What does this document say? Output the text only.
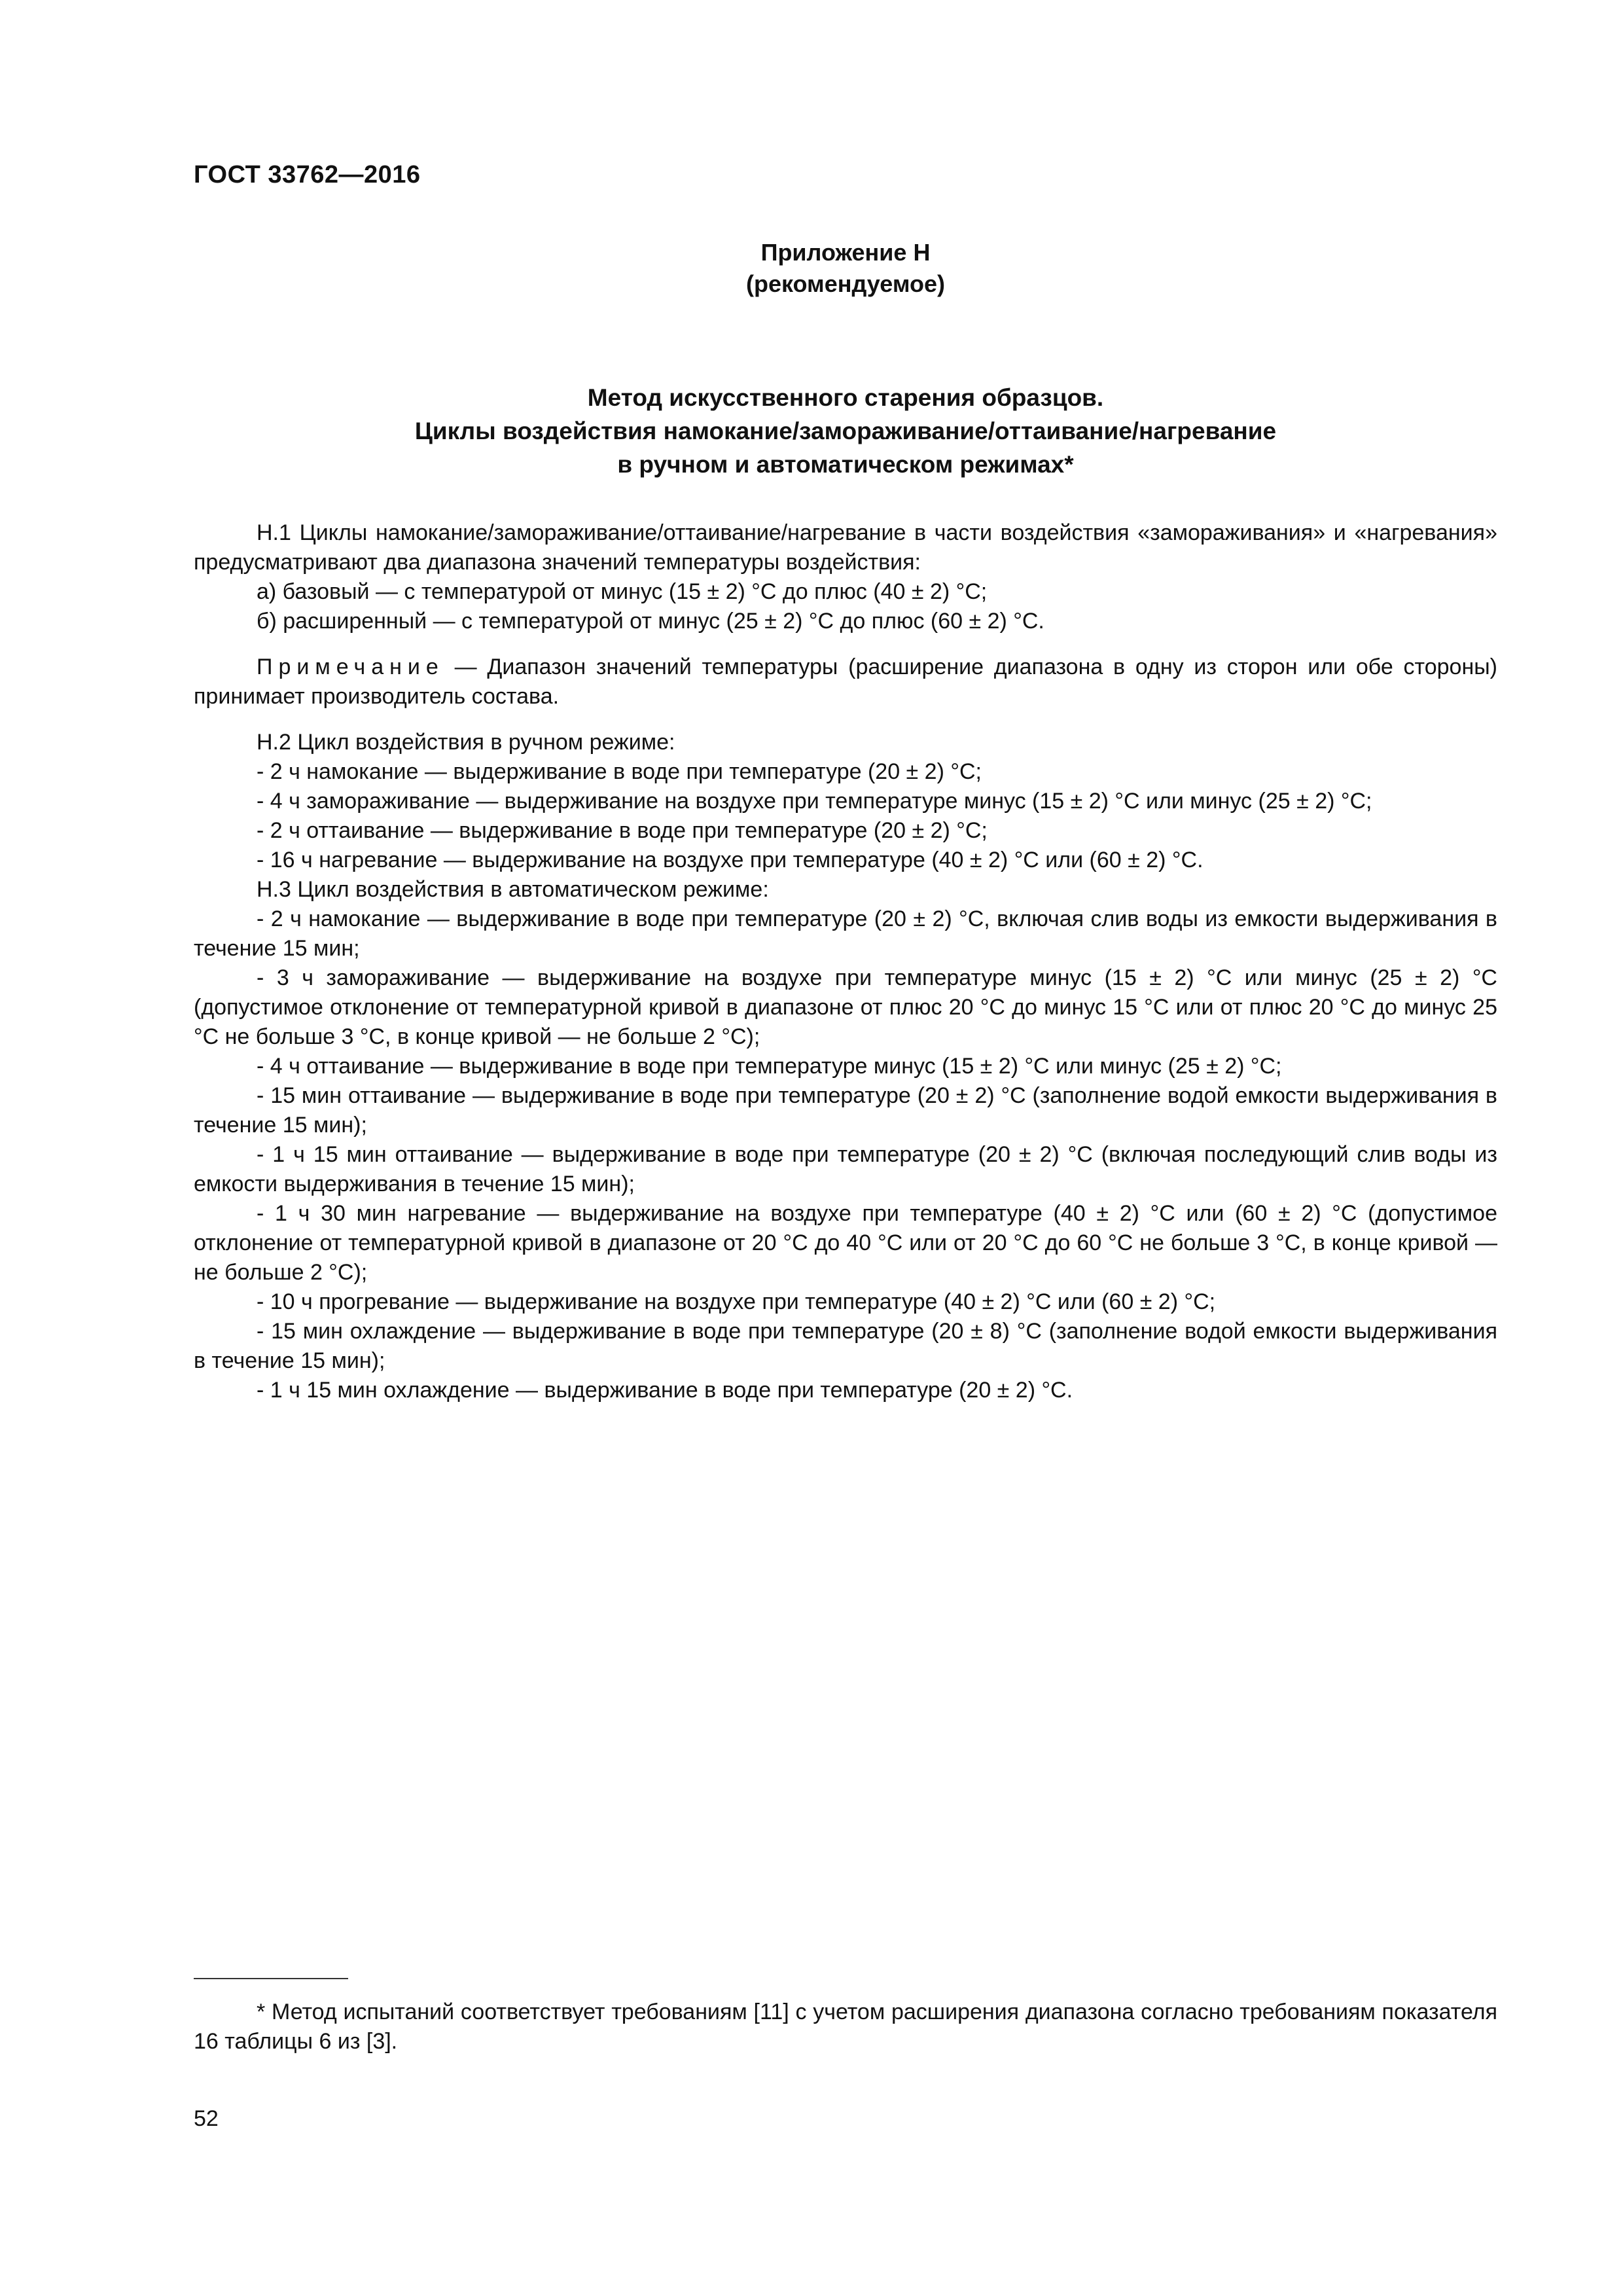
ГОСТ 33762—2016
Приложение Н
(рекомендуемое)
Метод искусственного старения образцов.
Циклы воздействия намокание/замораживание/оттаивание/нагревание
в ручном и автоматическом режимах*

Н.1 Циклы намокание/замораживание/оттаивание/нагревание в части воздействия «замораживания» и «нагревания» предусматривают два диапазона значений температуры воздействия:

а) базовый — с температурой от минус (15 ± 2) °С до плюс (40 ± 2) °С;

б) расширенный — с температурой от минус (25 ± 2) °С до плюс (60 ± 2) °С.

Примечание — Диапазон значений температуры (расширение диапазона в одну из сторон или обе стороны) принимает производитель состава.

Н.2 Цикл воздействия в ручном режиме:

- 2 ч намокание — выдерживание в воде при температуре (20 ± 2) °С;

- 4 ч замораживание — выдерживание на воздухе при температуре минус (15 ± 2) °С или минус (25 ± 2) °С;

- 2 ч оттаивание — выдерживание в воде при температуре (20 ± 2) °С;

- 16 ч нагревание — выдерживание на воздухе при температуре (40 ± 2) °С или (60 ± 2) °С.

Н.3 Цикл воздействия в автоматическом режиме:

- 2 ч намокание — выдерживание в воде при температуре (20 ± 2) °С, включая слив воды из емкости выдерживания в течение 15 мин;

- 3 ч замораживание — выдерживание на воздухе при температуре минус (15 ± 2) °С или минус (25 ± 2) °С (допустимое отклонение от температурной кривой в диапазоне от плюс 20 °С до минус 15 °С или от плюс 20 °С до минус 25 °С не больше 3 °С, в конце кривой — не больше 2 °С);

- 4 ч оттаивание — выдерживание в воде при температуре минус (15 ± 2) °С или минус (25 ± 2) °С;

- 15 мин оттаивание — выдерживание в воде при температуре (20 ± 2) °С (заполнение водой емкости выдерживания в течение 15 мин);

- 1 ч 15 мин оттаивание — выдерживание в воде при температуре (20 ± 2) °С (включая последующий слив воды из емкости выдерживания в течение 15 мин);

- 1 ч 30 мин нагревание — выдерживание на воздухе при температуре (40 ± 2) °С или (60 ± 2) °С (допустимое отклонение от температурной кривой в диапазоне от 20 °С до 40 °С или от 20 °С до 60 °С не больше 3 °С, в конце кривой — не больше 2 °С);

- 10 ч прогревание — выдерживание на воздухе при температуре (40 ± 2) °С или (60 ± 2) °С;

- 15 мин охлаждение — выдерживание в воде при температуре (20 ± 8) °С (заполнение водой емкости выдерживания в течение 15 мин);

- 1 ч 15 мин охлаждение — выдерживание в воде при температуре (20 ± 2) °С.

* Метод испытаний соответствует требованиям [11] с учетом расширения диапазона согласно требованиям показателя 16 таблицы 6 из [3].
52
